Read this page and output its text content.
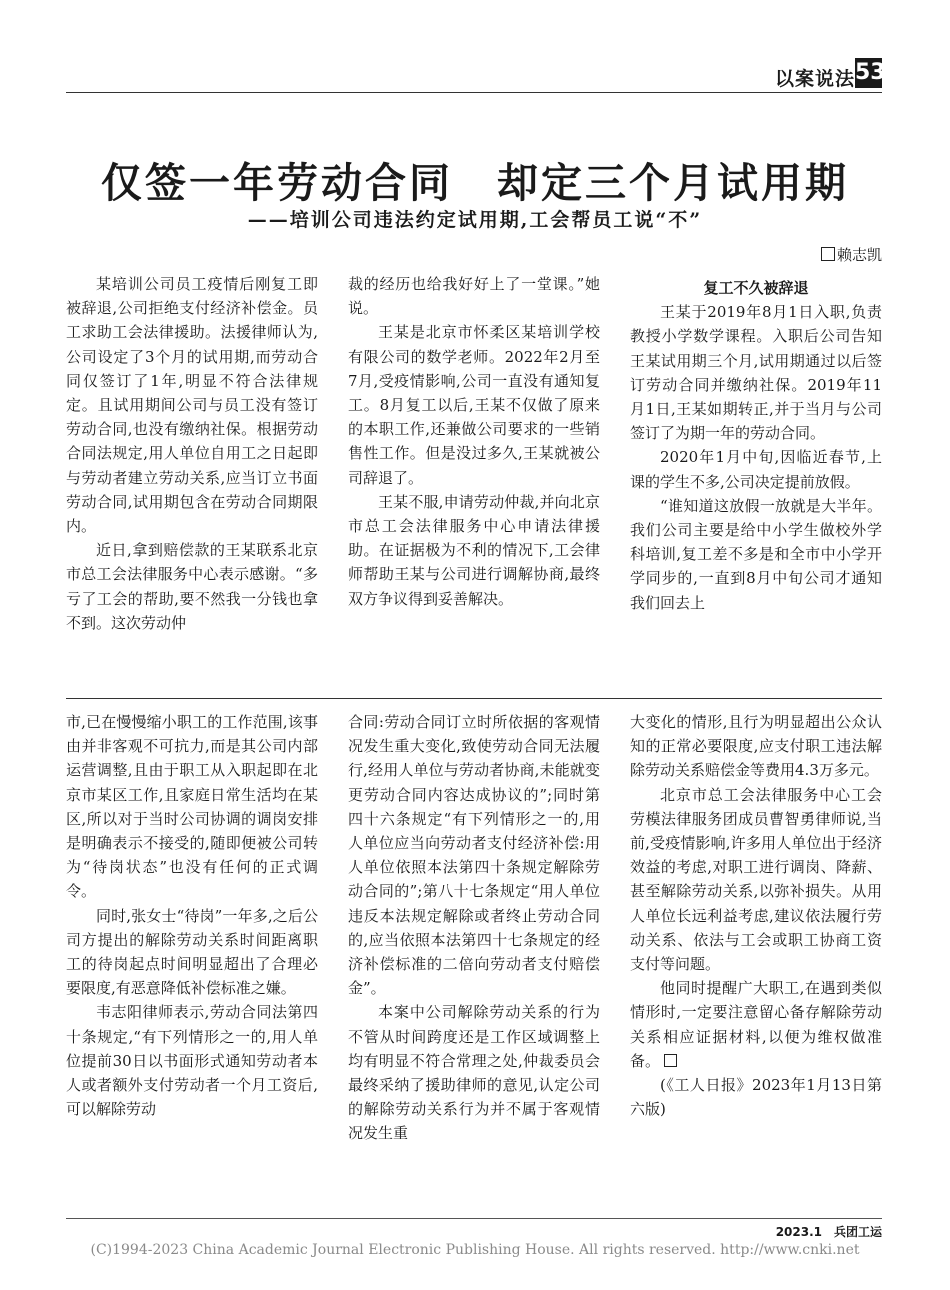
以案说法 53
仅签一年劳动合同　却定三个月试用期
——培训公司违法约定试用期,工会帮员工说“不”
赖志凯

某培训公司员工疫情后刚复工即被辞退,公司拒绝支付经济补偿金。员工求助工会法律援助。法援律师认为,公司设定了3个月的试用期,而劳动合同仅签订了1年,明显不符合法律规定。且试用期间公司与员工没有签订劳动合同,也没有缴纳社保。根据劳动合同法规定,用人单位自用工之日起即与劳动者建立劳动关系,应当订立书面劳动合同,试用期包含在劳动合同期限内。

近日,拿到赔偿款的王某联系北京市总工会法律服务中心表示感谢。“多亏了工会的帮助,要不然我一分钱也拿不到。这次劳动仲

裁的经历也给我好好上了一堂课。”她说。

王某是北京市怀柔区某培训学校有限公司的数学老师。2022年2月至7月,受疫情影响,公司一直没有通知复工。8月复工以后,王某不仅做了原来的本职工作,还兼做公司要求的一些销售性工作。但是没过多久,王某就被公司辞退了。

王某不服,申请劳动仲裁,并向北京市总工会法律服务中心申请法律援助。在证据极为不利的情况下,工会律师帮助王某与公司进行调解协商,最终双方争议得到妥善解决。

复工不久被辞退

王某于2019年8月1日入职,负责教授小学数学课程。入职后公司告知王某试用期三个月,试用期通过以后签订劳动合同并缴纳社保。2019年11月1日,王某如期转正,并于当月与公司签订了为期一年的劳动合同。

2020年1月中旬,因临近春节,上课的学生不多,公司决定提前放假。

“谁知道这放假一放就是大半年。我们公司主要是给中小学生做校外学科培训,复工差不多是和全市中小学开学同步的,一直到8月中旬公司才通知我们回去上

市,已在慢慢缩小职工的工作范围,该事由并非客观不可抗力,而是其公司内部运营调整,且由于职工从入职起即在北京市某区工作,且家庭日常生活均在某区,所以对于当时公司协调的调岗安排是明确表示不接受的,随即便被公司转为“待岗状态”也没有任何的正式调令。

同时,张女士“待岗”一年多,之后公司方提出的解除劳动关系时间距离职工的待岗起点时间明显超出了合理必要限度,有恶意降低补偿标准之嫌。

韦志阳律师表示,劳动合同法第四十条规定,“有下列情形之一的,用人单位提前30日以书面形式通知劳动者本人或者额外支付劳动者一个月工资后,可以解除劳动

合同:劳动合同订立时所依据的客观情况发生重大变化,致使劳动合同无法履行,经用人单位与劳动者协商,未能就变更劳动合同内容达成协议的”;同时第四十六条规定“有下列情形之一的,用人单位应当向劳动者支付经济补偿:用人单位依照本法第四十条规定解除劳动合同的”;第八十七条规定“用人单位违反本法规定解除或者终止劳动合同的,应当依照本法第四十七条规定的经济补偿标准的二倍向劳动者支付赔偿金”。

本案中公司解除劳动关系的行为不管从时间跨度还是工作区域调整上均有明显不符合常理之处,仲裁委员会最终采纳了援助律师的意见,认定公司的解除劳动关系行为并不属于客观情况发生重

大变化的情形,且行为明显超出公众认知的正常必要限度,应支付职工违法解除劳动关系赔偿金等费用4.3万多元。

北京市总工会法律服务中心工会劳模法律服务团成员曹智勇律师说,当前,受疫情影响,许多用人单位出于经济效益的考虑,对职工进行调岗、降薪、甚至解除劳动关系,以弥补损失。从用人单位长远利益考虑,建议依法履行劳动关系、依法与工会或职工协商工资支付等问题。

他同时提醒广大职工,在遇到类似情形时,一定要注意留心备存解除劳动关系相应证据材料,以便为维权做准备。

(《工人日报》2023年1月13日第六版)

2023.1　兵团工运
(C)1994-2023 China Academic Journal Electronic Publishing House. All rights reserved. http://www.cnki.net
